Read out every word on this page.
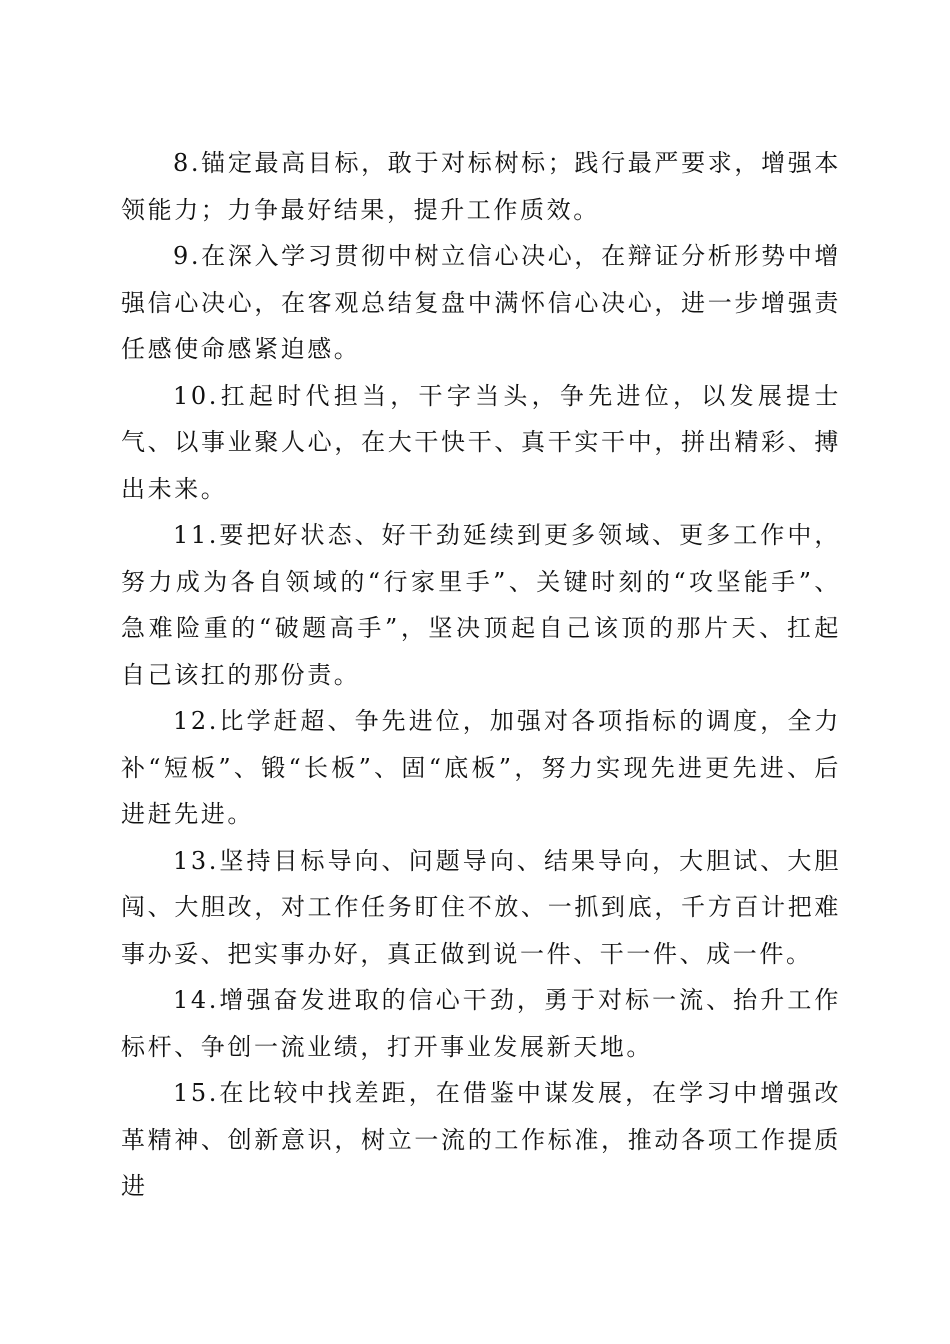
8.锚定最高目标，敢于对标树标；践行最严要求，增强本领能力；力争最好结果，提升工作质效。

9.在深入学习贯彻中树立信心决心，在辩证分析形势中增强信心决心，在客观总结复盘中满怀信心决心，进一步增强责任感使命感紧迫感。

10.扛起时代担当，干字当头，争先进位，以发展提士气、以事业聚人心，在大干快干、真干实干中，拼出精彩、搏出未来。

11.要把好状态、好干劲延续到更多领域、更多工作中，努力成为各自领域的“行家里手”、关键时刻的“攻坚能手”、急难险重的“破题高手”，坚决顶起自己该顶的那片天、扛起自己该扛的那份责。

12.比学赶超、争先进位，加强对各项指标的调度，全力补“短板”、锻“长板”、固“底板”，努力实现先进更先进、后进赶先进。

13.坚持目标导向、问题导向、结果导向，大胆试、大胆闯、大胆改，对工作任务盯住不放、一抓到底，千方百计把难事办妥、把实事办好，真正做到说一件、干一件、成一件。

14.增强奋发进取的信心干劲，勇于对标一流、抬升工作标杆、争创一流业绩，打开事业发展新天地。

15.在比较中找差距，在借鉴中谋发展，在学习中增强改革精神、创新意识，树立一流的工作标准，推动各项工作提质进
